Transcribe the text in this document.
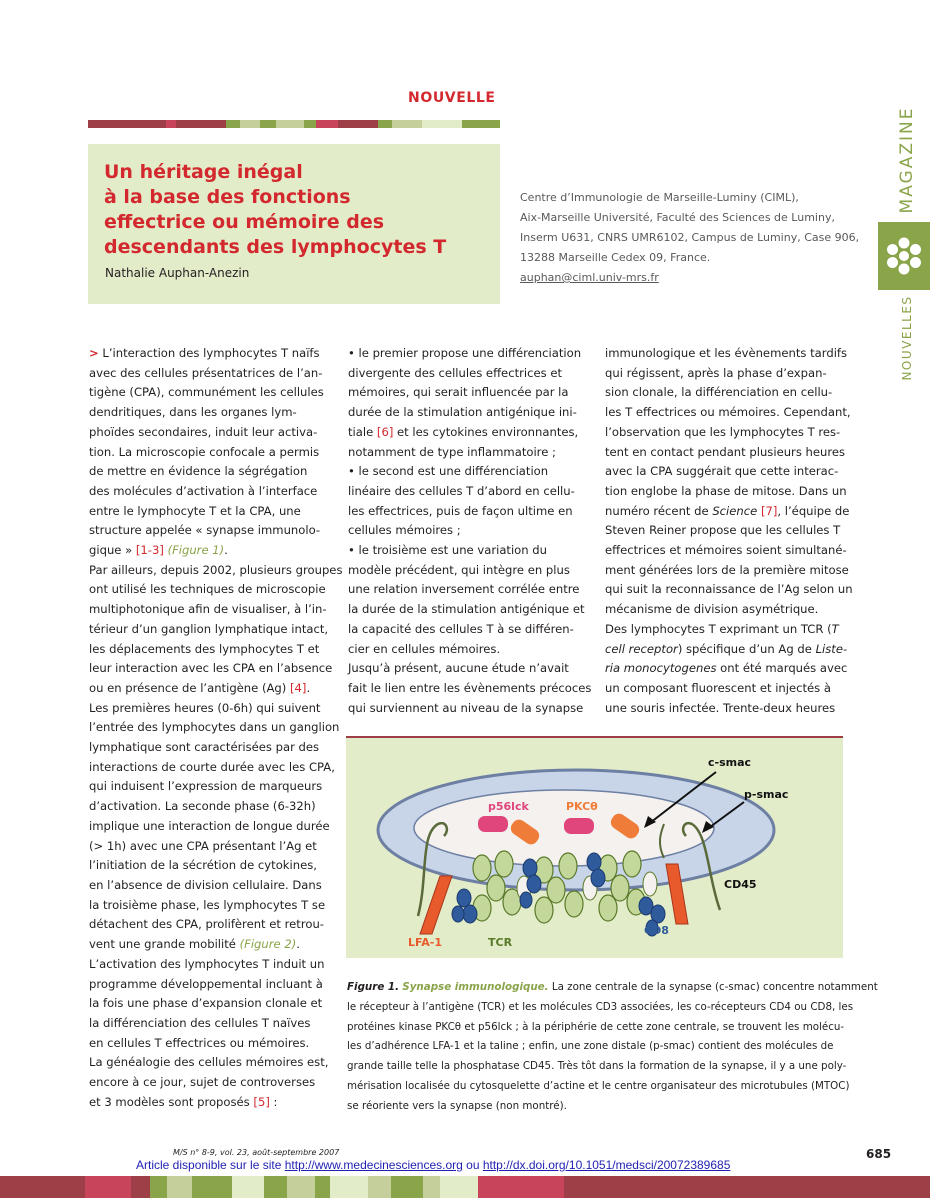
NOUVELLE
Un héritage inégal
à la base des fonctions
effectrice ou mémoire des
descendants des lymphocytes T
Nathalie Auphan-Anezin
Centre d’Immunologie de Marseille-Luminy (CIML),
Aix-Marseille Université, Faculté des Sciences de Luminy,
Inserm U631, CNRS UMR6102, Campus de Luminy, Case 906,
13288 Marseille Cedex 09, France.
auphan@ciml.univ-mrs.fr
MAGAZINE
NOUVELLES

> L’interaction des lymphocytes T naïfs
avec des cellules présentatrices de l’an-
tigène (CPA), communément les cellules
dendritiques, dans les organes lym-
phoïdes secondaires, induit leur activa-
tion. La microscopie confocale a permis
de mettre en évidence la ségrégation
des molécules d’activation à l’interface
entre le lymphocyte T et la CPA, une
structure appelée « synapse immunolo-
gique » [1-3] (Figure 1).

Par ailleurs, depuis 2002, plusieurs groupes
ont utilisé les techniques de microscopie
multiphotonique afin de visualiser, à l’in-
térieur d’un ganglion lymphatique intact,
les déplacements des lymphocytes T et
leur interaction avec les CPA en l’absence
ou en présence de l’antigène (Ag) [4].

Les premières heures (0-6h) qui suivent
l’entrée des lymphocytes dans un ganglion
lymphatique sont caractérisées par des
interactions de courte durée avec les CPA,
qui induisent l’expression de marqueurs
d’activation. La seconde phase (6-32h)
implique une interaction de longue durée
(> 1h) avec une CPA présentant l’Ag et
l’initiation de la sécrétion de cytokines,
en l’absence de division cellulaire. Dans
la troisième phase, les lymphocytes T se
détachent des CPA, prolifèrent et retrou-
vent une grande mobilité (Figure 2).

L’activation des lymphocytes T induit un
programme développemental incluant à
la fois une phase d’expansion clonale et
la différenciation des cellules T naïves
en cellules T effectrices ou mémoires.

La généalogie des cellules mémoires est,
encore à ce jour, sujet de controverses
et 3 modèles sont proposés [5] :

• le premier propose une différenciation
divergente des cellules effectrices et
mémoires, qui serait influencée par la
durée de la stimulation antigénique ini-
tiale [6] et les cytokines environnantes,
notamment de type inflammatoire ;

• le second est une différenciation
linéaire des cellules T d’abord en cellu-
les effectrices, puis de façon ultime en
cellules mémoires ;

• le troisième est une variation du
modèle précédent, qui intègre en plus
une relation inversement corrélée entre
la durée de la stimulation antigénique et
la capacité des cellules T à se différen-
cier en cellules mémoires.

Jusqu’à présent, aucune étude n’avait
fait le lien entre les évènements précoces
qui surviennent au niveau de la synapse

immunologique et les évènements tardifs
qui régissent, après la phase d’expan-
sion clonale, la différenciation en cellu-
les T effectrices ou mémoires. Cependant,
l’observation que les lymphocytes T res-
tent en contact pendant plusieurs heures
avec la CPA suggérait que cette interac-
tion englobe la phase de mitose. Dans un
numéro récent de Science [7], l’équipe de
Steven Reiner propose que les cellules T
effectrices et mémoires soient simultané-
ment générées lors de la première mitose
qui suit la reconnaissance de l’Ag selon un
mécanisme de division asymétrique.

Des lymphocytes T exprimant un TCR (T
cell receptor) spécifique d’un Ag de Liste-
ria monocytogenes ont été marqués avec
un composant fluorescent et injectés à
une souris infectée. Trente-deux heures

c-smac
p-smac
p56lck	PKCθ
CD45
LFA-1	TCR
CD8
Figure 1. Synapse immunologique. La zone centrale de la synapse (c-smac) concentre notamment
le récepteur à l’antigène (TCR) et les molécules CD3 associées, les co-récepteurs CD4 ou CD8, les
protéines kinase PKCθ et p56lck ; à la périphérie de cette zone centrale, se trouvent les molécu-
les d’adhérence LFA-1 et la taline ; enfin, une zone distale (p-smac) contient des molécules de
grande taille telle la phosphatase CD45. Très tôt dans la formation de la synapse, il y a une poly-
mérisation localisée du cytosquelette d’actine et le centre organisateur des microtubules (MTOC)
se réoriente vers la synapse (non montré).
M/S n° 8-9, vol. 23, août-septembre 2007	685
Article disponible sur le site http://www.medecinesciences.org ou http://dx.doi.org/10.1051/medsci/20072389685
